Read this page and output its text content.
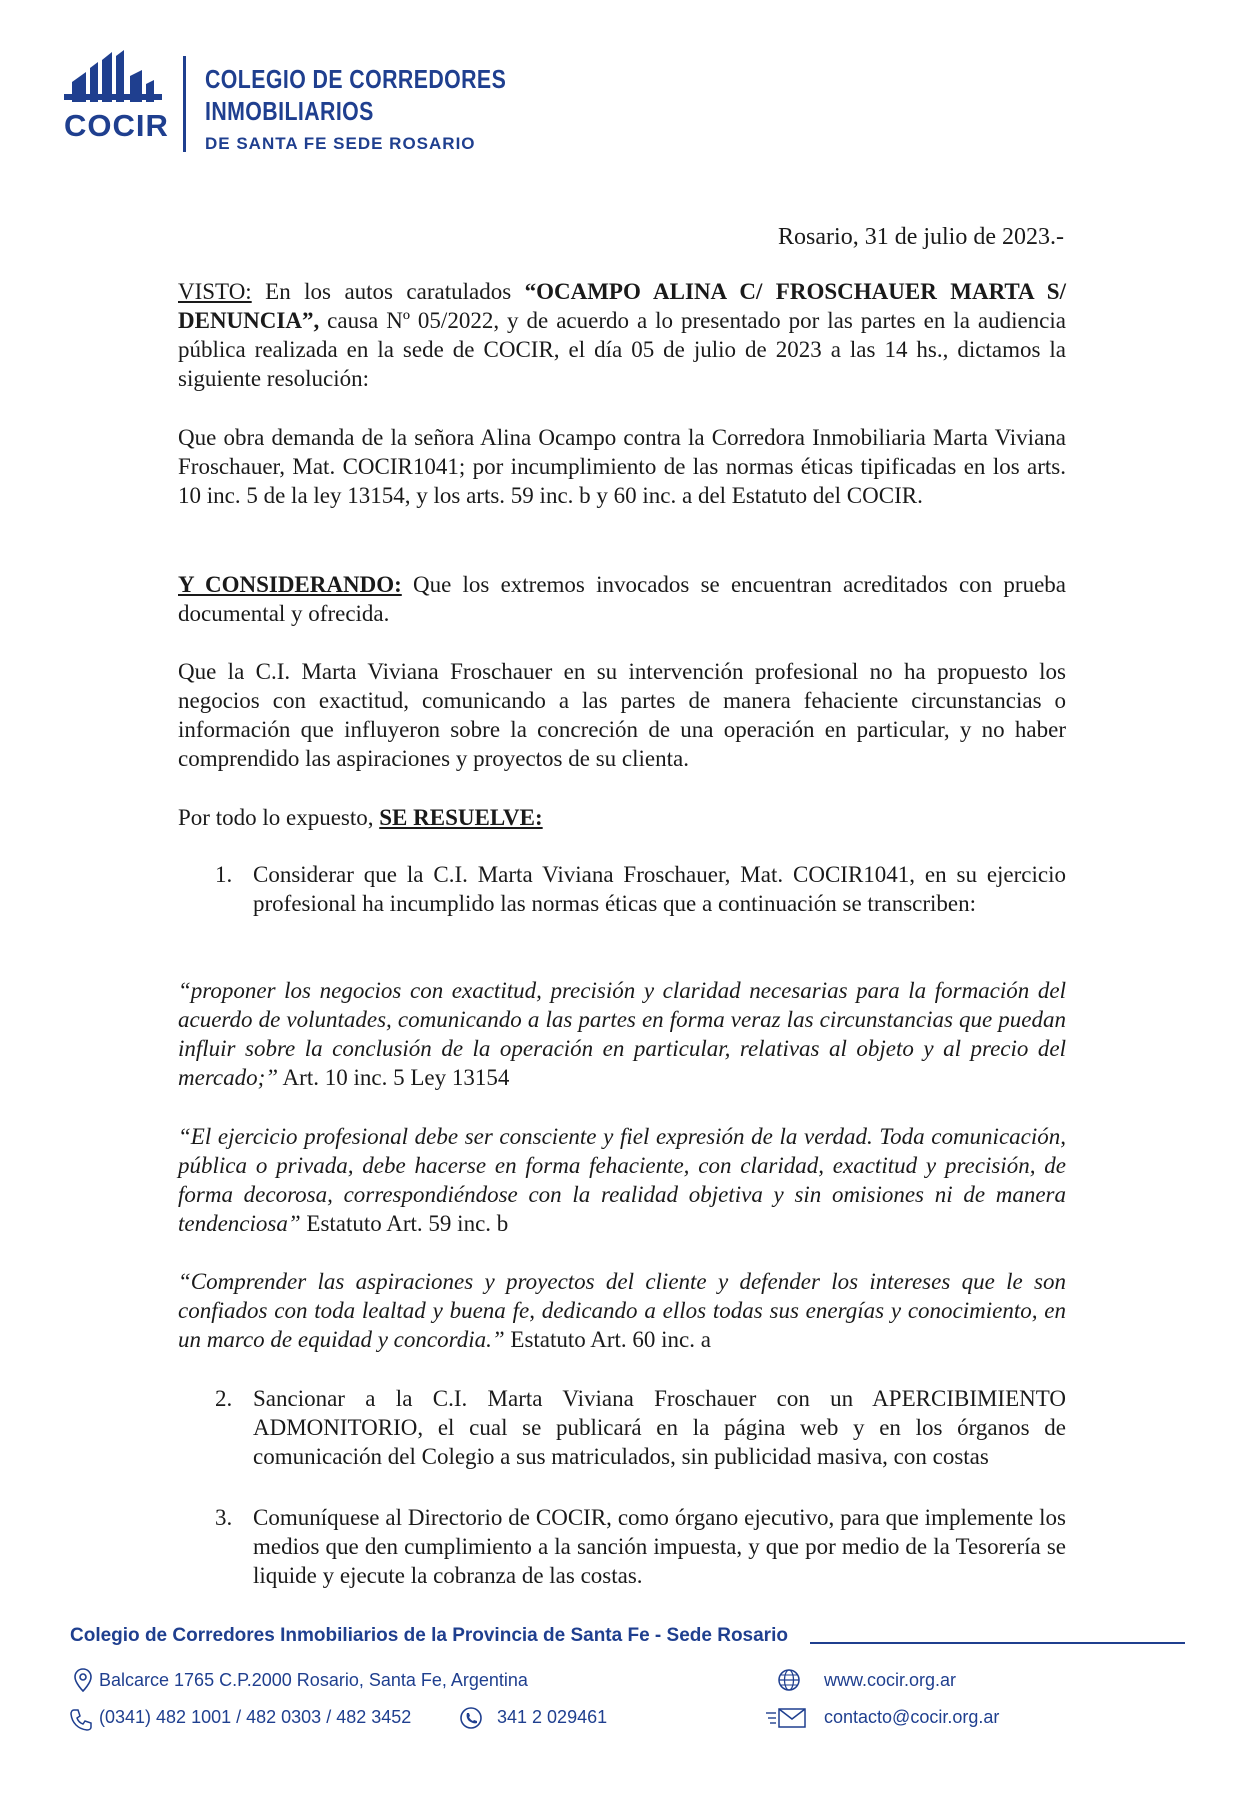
COCIR
COLEGIO DE CORREDORES
INMOBILIARIOS
DE SANTA FE SEDE ROSARIO
Rosario, 31 de julio de 2023.-
VISTO: En los autos caratulados “OCAMPO ALINA C/ FROSCHAUER MARTA S/ DENUNCIA”, causa Nº 05/2022, y de acuerdo a lo presentado por las partes en la audiencia pública realizada en la sede de COCIR, el día 05 de julio de 2023 a las 14 hs., dictamos la siguiente resolución:
Que obra demanda de la señora Alina Ocampo contra la Corredora Inmobiliaria Marta Viviana Froschauer, Mat. COCIR1041; por incumplimiento de las normas éticas tipificadas en los arts. 10 inc. 5 de la ley 13154, y los arts. 59 inc. b y 60 inc. a del Estatuto del COCIR.
Y CONSIDERANDO: Que los extremos invocados se encuentran acreditados con prueba documental y ofrecida.
Que la C.I. Marta Viviana Froschauer en su intervención profesional no ha propuesto los negocios con exactitud, comunicando a las partes de manera fehaciente circunstancias o información que influyeron sobre la concreción de una operación en particular, y no haber comprendido las aspiraciones y proyectos de su clienta.
Por todo lo expuesto, SE RESUELVE:
1. Considerar que la C.I. Marta Viviana Froschauer, Mat. COCIR1041, en su ejercicio profesional ha incumplido las normas éticas que a continuación se transcriben:
“proponer los negocios con exactitud, precisión y claridad necesarias para la formación del acuerdo de voluntades, comunicando a las partes en forma veraz las circunstancias que puedan influir sobre la conclusión de la operación en particular, relativas al objeto y al precio del mercado;” Art. 10 inc. 5 Ley 13154
“El ejercicio profesional debe ser consciente y fiel expresión de la verdad. Toda comunicación, pública o privada, debe hacerse en forma fehaciente, con claridad, exactitud y precisión, de forma decorosa, correspondiéndose con la realidad objetiva y sin omisiones ni de manera tendenciosa” Estatuto Art. 59 inc. b
“Comprender las aspiraciones y proyectos del cliente y defender los intereses que le son confiados con toda lealtad y buena fe, dedicando a ellos todas sus energías y conocimiento, en un marco de equidad y concordia.” Estatuto Art. 60 inc. a
2. Sancionar a la C.I. Marta Viviana Froschauer con un APERCIBIMIENTO ADMONITORIO, el cual se publicará en la página web y en los órganos de comunicación del Colegio a sus matriculados, sin publicidad masiva, con costas
3. Comuníquese al Directorio de COCIR, como órgano ejecutivo, para que implemente los medios que den cumplimiento a la sanción impuesta, y que por medio de la Tesorería se liquide y ejecute la cobranza de las costas.
Colegio de Corredores Inmobiliarios de la Provincia de Santa Fe - Sede Rosario
Balcarce 1765 C.P.2000 Rosario, Santa Fe, Argentina
(0341) 482 1001 / 482 0303 / 482 3452	341 2 029461
www.cocir.org.ar
contacto@cocir.org.ar
